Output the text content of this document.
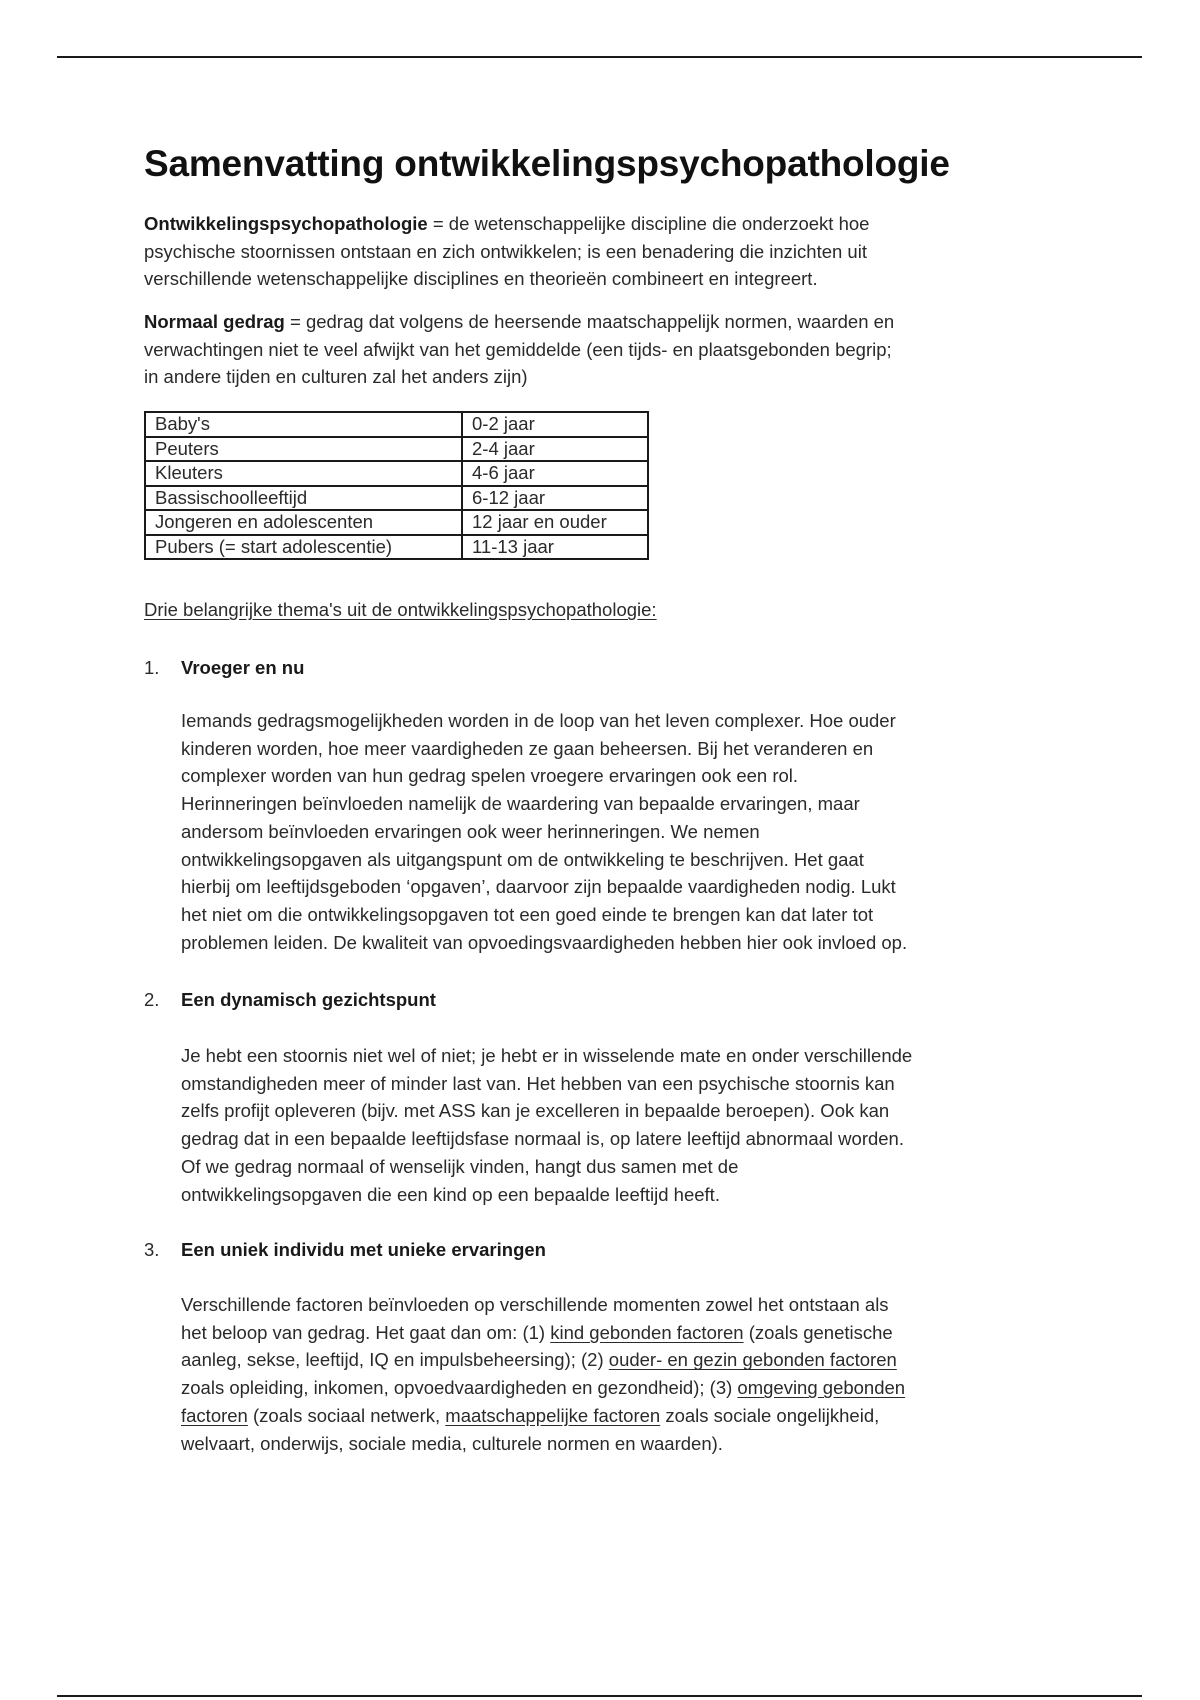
Samenvatting ontwikkelingspsychopathologie
Ontwikkelingspsychopathologie = de wetenschappelijke discipline die onderzoekt hoe
psychische stoornissen ontstaan en zich ontwikkelen; is een benadering die inzichten uit
verschillende wetenschappelijke disciplines en theorieën combineert en integreert.
Normaal gedrag = gedrag dat volgens de heersende maatschappelijk normen, waarden en
verwachtingen niet te veel afwijkt van het gemiddelde (een tijds- en plaatsgebonden begrip;
in andere tijden en culturen zal het anders zijn)
Baby's	0-2 jaar
Peuters	2-4 jaar
Kleuters	4-6 jaar
Bassischoolleeftijd	6-12 jaar
Jongeren en adolescenten	12 jaar en ouder
Pubers (= start adolescentie)	11-13 jaar
Drie belangrijke thema's uit de ontwikkelingspsychopathologie:
1. Vroeger en nu
Iemands gedragsmogelijkheden worden in de loop van het leven complexer. Hoe ouder
kinderen worden, hoe meer vaardigheden ze gaan beheersen. Bij het veranderen en
complexer worden van hun gedrag spelen vroegere ervaringen ook een rol.
Herinneringen beïnvloeden namelijk de waardering van bepaalde ervaringen, maar
andersom beïnvloeden ervaringen ook weer herinneringen. We nemen
ontwikkelingsopgaven als uitgangspunt om de ontwikkeling te beschrijven. Het gaat
hierbij om leeftijdsgeboden ‘opgaven’, daarvoor zijn bepaalde vaardigheden nodig. Lukt
het niet om die ontwikkelingsopgaven tot een goed einde te brengen kan dat later tot
problemen leiden. De kwaliteit van opvoedingsvaardigheden hebben hier ook invloed op.
2. Een dynamisch gezichtspunt
Je hebt een stoornis niet wel of niet; je hebt er in wisselende mate en onder verschillende
omstandigheden meer of minder last van. Het hebben van een psychische stoornis kan
zelfs profijt opleveren (bijv. met ASS kan je excelleren in bepaalde beroepen). Ook kan
gedrag dat in een bepaalde leeftijdsfase normaal is, op latere leeftijd abnormaal worden.
Of we gedrag normaal of wenselijk vinden, hangt dus samen met de
ontwikkelingsopgaven die een kind op een bepaalde leeftijd heeft.
3. Een uniek individu met unieke ervaringen
Verschillende factoren beïnvloeden op verschillende momenten zowel het ontstaan als
het beloop van gedrag. Het gaat dan om: (1) kind gebonden factoren (zoals genetische
aanleg, sekse, leeftijd, IQ en impulsbeheersing); (2) ouder- en gezin gebonden factoren
zoals opleiding, inkomen, opvoedvaardigheden en gezondheid); (3) omgeving gebonden
factoren (zoals sociaal netwerk, maatschappelijke factoren zoals sociale ongelijkheid,
welvaart, onderwijs, sociale media, culturele normen en waarden).
